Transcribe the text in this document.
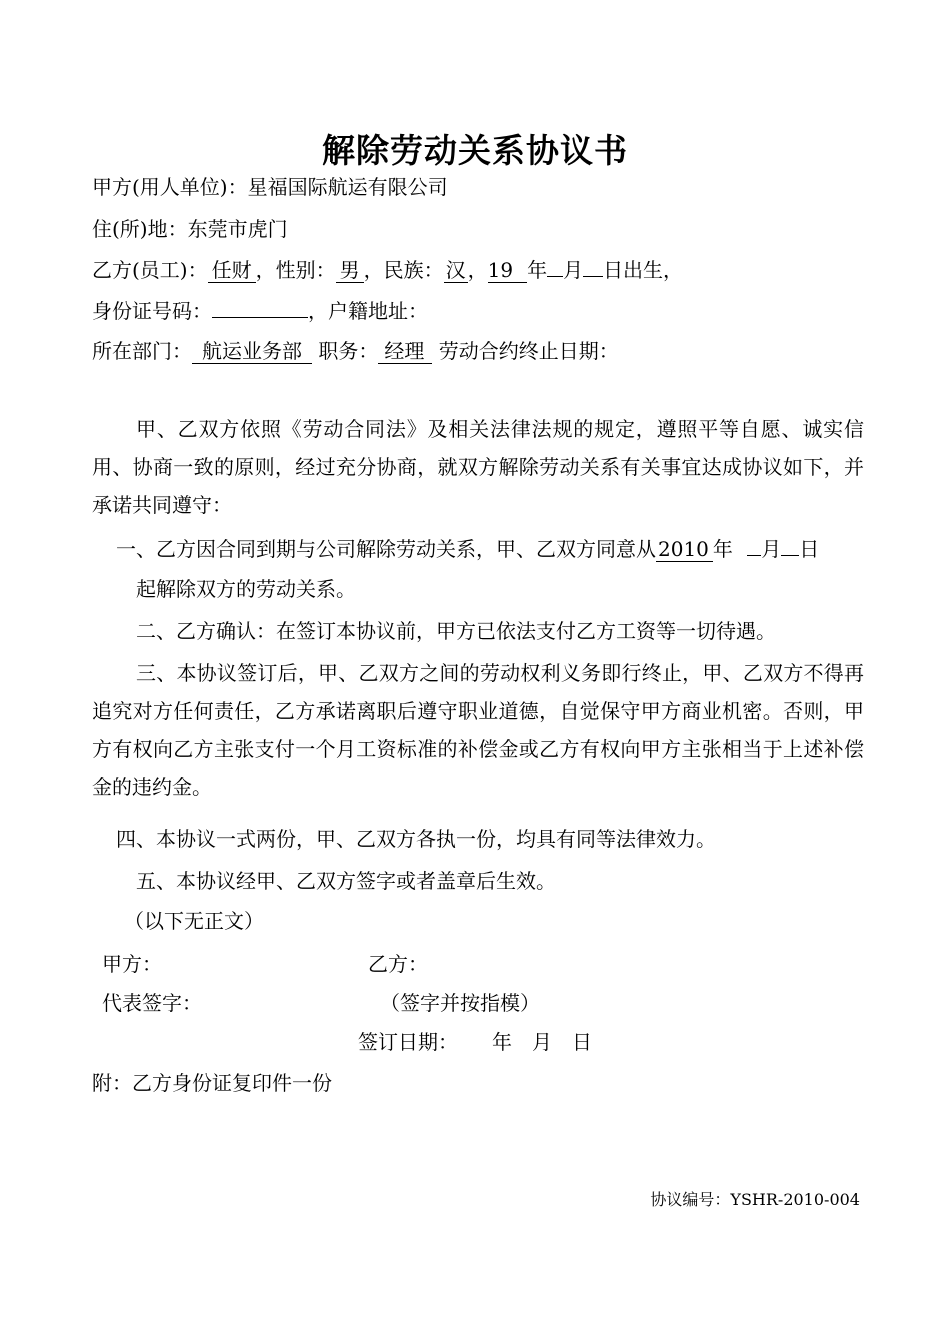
解除劳动关系协议书
甲方(用人单位)：星福国际航运有限公司
住(所)地：东莞市虎门
乙方(员工)： 任财 ，性别： 男 ，民族： 汉 ，19 年 月 日出生，
身份证号码：	，户籍地址：
所在部门： 航运业务部 职务： 经理 劳动合约终止日期：
甲、乙双方依照《劳动合同法》及相关法律法规的规定，遵照平等自愿、诚实信用、协商一致的原则，经过充分协商，就双方解除劳动关系有关事宜达成协议如下，并承诺共同遵守：
一、乙方因合同到期与公司解除劳动关系，甲、乙双方同意从 2010 年 月 日
起解除双方的劳动关系。
二、乙方确认：在签订本协议前，甲方已依法支付乙方工资等一切待遇。
三、本协议签订后，甲、乙双方之间的劳动权利义务即行终止，甲、乙双方不得再追究对方任何责任，乙方承诺离职后遵守职业道德，自觉保守甲方商业机密。否则，甲方有权向乙方主张支付一个月工资标准的补偿金或乙方有权向甲方主张相当于上述补偿金的违约金。
四、本协议一式两份，甲、乙双方各执一份，均具有同等法律效力。
五、本协议经甲、乙双方签字或者盖章后生效。
（以下无正文）
甲方：	乙方：
代表签字：	（签字并按指模）
签订日期： 年 月 日
附：乙方身份证复印件一份
协议编号：YSHR-2010-004
